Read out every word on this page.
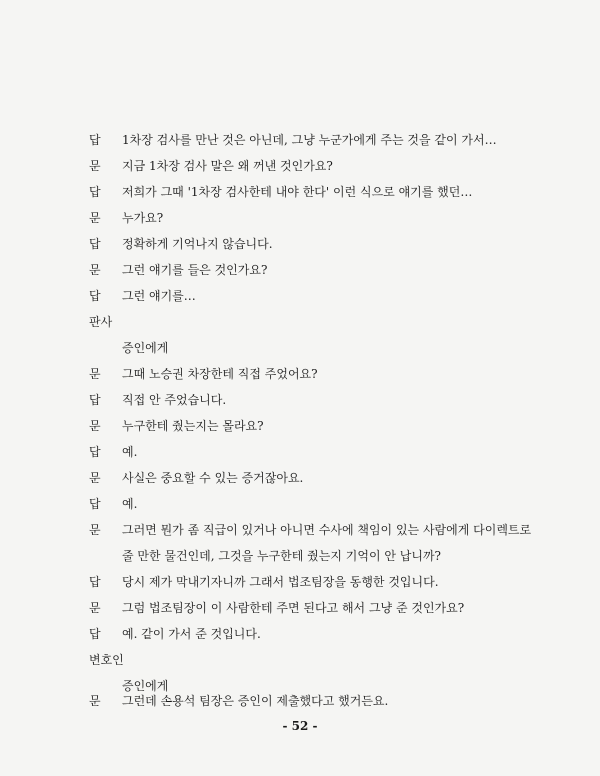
답 1차장 검사를 만난 것은 아닌데, 그냥 누군가에게 주는 것을 같이 가서…
문 지금 1차장 검사 말은 왜 꺼낸 것인가요?
답 저희가 그때 '1차장 검사한테 내야 한다' 이런 식으로 얘기를 했던…
문 누가요?
답 정확하게 기억나지 않습니다.
문 그런 얘기를 들은 것인가요?
답 그런 얘기를…
판사
증인에게
문 그때 노승권 차장한테 직접 주었어요?
답 직접 안 주었습니다.
문 누구한테 줬는지는 몰라요?
답 예.
문 사실은 중요할 수 있는 증거잖아요.
답 예.
문 그러면 뭔가 좀 직급이 있거나 아니면 수사에 책임이 있는 사람에게 다이렉트로
줄 만한 물건인데, 그것을 누구한테 줬는지 기억이 안 납니까?
답 당시 제가 막내기자니까 그래서 법조팀장을 동행한 것입니다.
문 그럼 법조팀장이 이 사람한테 주면 된다고 해서 그냥 준 것인가요?
답 예. 같이 가서 준 것입니다.
변호인
증인에게
문 그런데 손용석 팀장은 증인이 제출했다고 했거든요.
- 52 -
